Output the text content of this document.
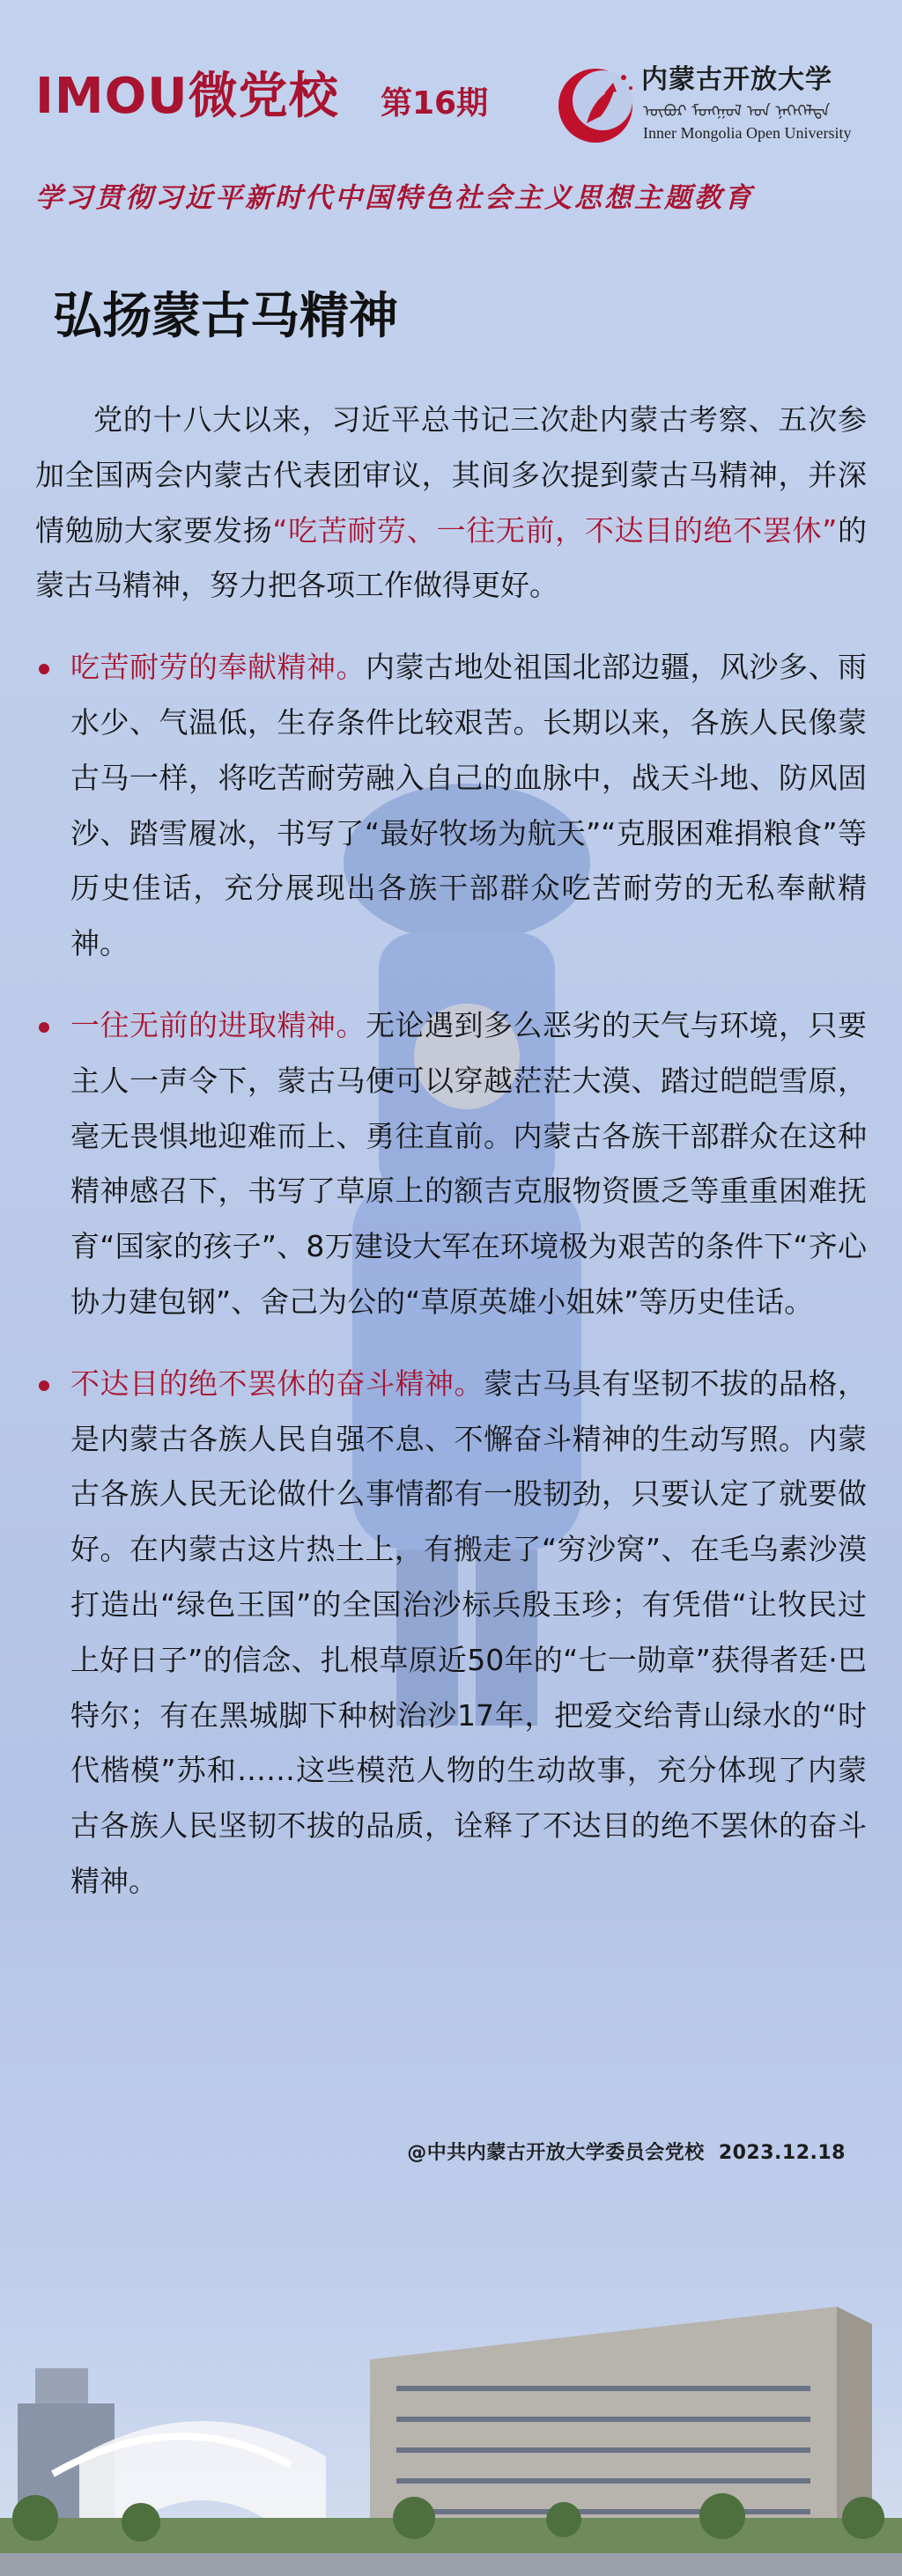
IMOU微党校 第16期
内蒙古开放大学
ᠥᠪᠥᠷ ᠮᠣᠩᠭᠣᠯ ᠤᠨ ᠨᠡᠭᠡᠭᠡᠯᠲᠡ
Inner Mongolia Open University
学习贯彻习近平新时代中国特色社会主义思想主题教育
弘扬蒙古马精神

党的十八大以来，习近平总书记三次赴内蒙古考察、五次参加全国两会内蒙古代表团审议，其间多次提到蒙古马精神，并深情勉励大家要发扬“吃苦耐劳、一往无前，不达目的绝不罢休”的蒙古马精神，努力把各项工作做得更好。

吃苦耐劳的奉献精神。内蒙古地处祖国北部边疆，风沙多、雨水少、气温低，生存条件比较艰苦。长期以来，各族人民像蒙古马一样，将吃苦耐劳融入自己的血脉中，战天斗地、防风固沙、踏雪履冰，书写了“最好牧场为航天”“克服困难捐粮食”等历史佳话，充分展现出各族干部群众吃苦耐劳的无私奉献精神。

一往无前的进取精神。无论遇到多么恶劣的天气与环境，只要主人一声令下，蒙古马便可以穿越茫茫大漠、踏过皑皑雪原，毫无畏惧地迎难而上、勇往直前。内蒙古各族干部群众在这种精神感召下，书写了草原上的额吉克服物资匮乏等重重困难抚育“国家的孩子”、8万建设大军在环境极为艰苦的条件下“齐心协力建包钢”、舍己为公的“草原英雄小姐妹”等历史佳话。

不达目的绝不罢休的奋斗精神。蒙古马具有坚韧不拔的品格，是内蒙古各族人民自强不息、不懈奋斗精神的生动写照。内蒙古各族人民无论做什么事情都有一股韧劲，只要认定了就要做好。在内蒙古这片热土上，有搬走了“穷沙窝”、在毛乌素沙漠打造出“绿色王国”的全国治沙标兵殷玉珍；有凭借“让牧民过上好日子”的信念、扎根草原近50年的“七一勋章”获得者廷·巴特尔；有在黑城脚下种树治沙17年，把爱交给青山绿水的“时代楷模”苏和……这些模范人物的生动故事，充分体现了内蒙古各族人民坚韧不拔的品质，诠释了不达目的绝不罢休的奋斗精神。

@中共内蒙古开放大学委员会党校 2023.12.18
